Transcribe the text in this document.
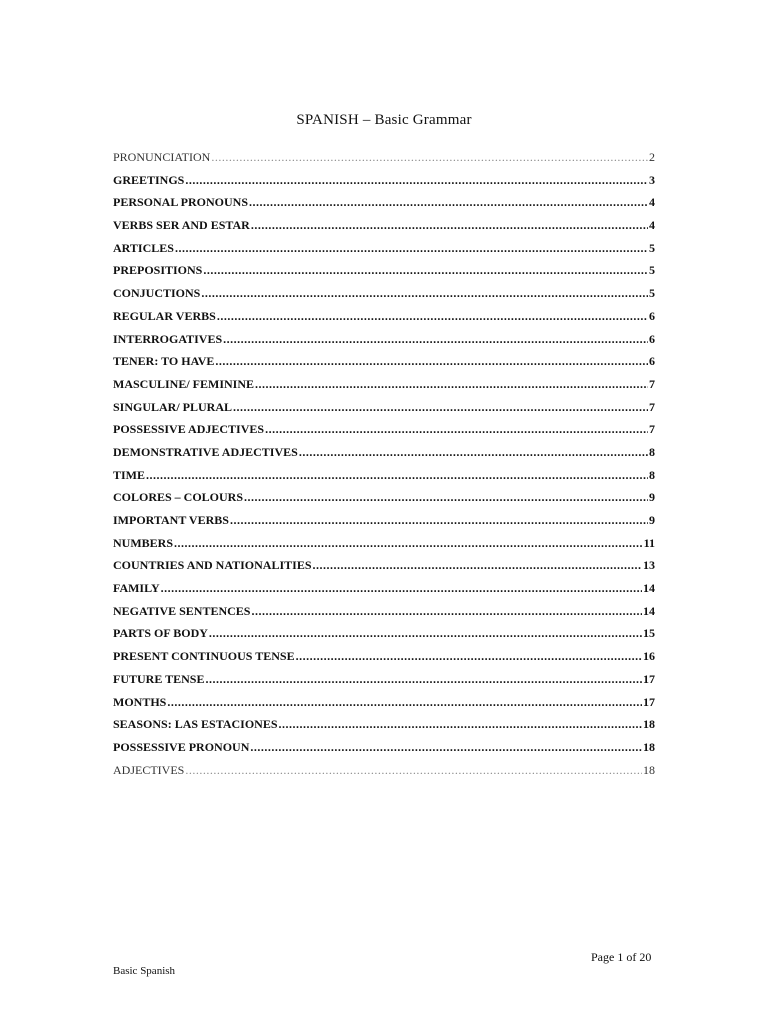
SPANISH – Basic Grammar
PRONUNCIATION .....	2
GREETINGS .....	3
PERSONAL PRONOUNS .....	4
VERBS SER AND ESTAR .....	4
ARTICLES .....	5
PREPOSITIONS .....	5
CONJUCTIONS .....	5
REGULAR VERBS .....	6
INTERROGATIVES .....	6
TENER: TO HAVE .....	6
MASCULINE/ FEMININE .....	7
SINGULAR/ PLURAL .....	7
POSSESSIVE ADJECTIVES .....	7
DEMONSTRATIVE ADJECTIVES .....	8
TIME .....	8
COLORES – COLOURS .....	9
IMPORTANT VERBS .....	9
NUMBERS .....	11
COUNTRIES AND NATIONALITIES .....	13
FAMILY .....	14
NEGATIVE SENTENCES .....	14
PARTS OF BODY .....	15
PRESENT CONTINUOUS TENSE .....	16
FUTURE TENSE .....	17
MONTHS .....	17
SEASONS: LAS ESTACIONES .....	18
POSSESSIVE PRONOUN .....	18
ADJECTIVES .....	18
Page 1 of 20
Basic Spanish
